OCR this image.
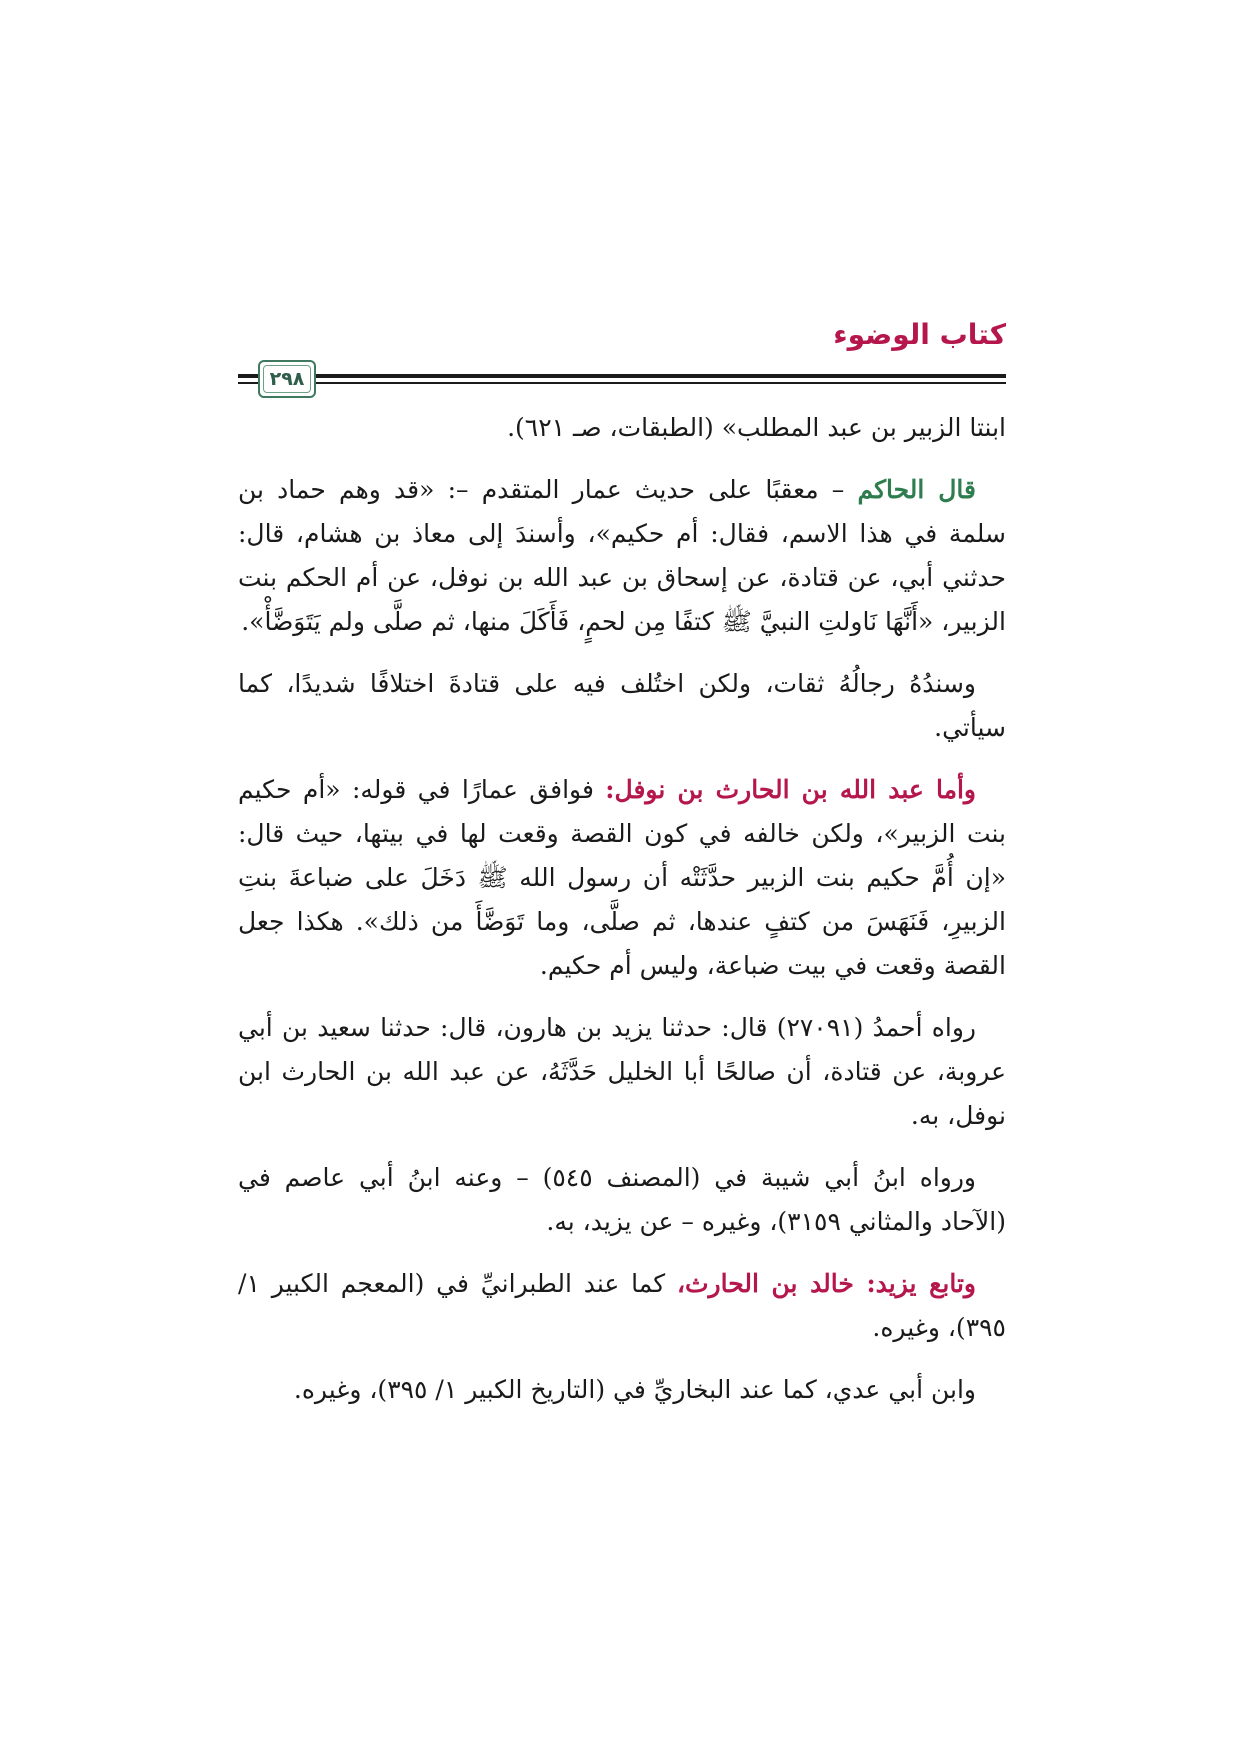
كتاب الوضوء
٢٩٨

ابنتا الزبير بن عبد المطلب» (الطبقات، صـ ٦٢١).

قال الحاكم – معقبًا على حديث عمار المتقدم –: «قد وهم حماد بن سلمة في هذا الاسم، فقال: أم حكيم»، وأسندَ إلى معاذ بن هشام، قال: حدثني أبي، عن قتادة، عن إسحاق بن عبد الله بن نوفل، عن أم الحكم بنت الزبير، «أَنَّهَا نَاولتِ النبيَّ ﷺ كتفًا مِن لحمٍ، فَأَكَلَ منها، ثم صلَّى ولم يَتَوَضَّأْ».

وسندُهُ رجالُهُ ثقات، ولكن اختُلف فيه على قتادةَ اختلافًا شديدًا، كما سيأتي.

وأما عبد الله بن الحارث بن نوفل: فوافق عمارًا في قوله: «أم حكيم بنت الزبير»، ولكن خالفه في كون القصة وقعت لها في بيتها، حيث قال: «إن أُمَّ حكيم بنت الزبير حدَّثَتْه أن رسول الله ﷺ دَخَلَ على ضباعةَ بنتِ الزبيرِ، فَنَهَسَ من كتفٍ عندها، ثم صلَّى، وما تَوَضَّأَ من ذلك». هكذا جعل القصة وقعت في بيت ضباعة، وليس أم حكيم.

رواه أحمدُ (٢٧٠٩١) قال: حدثنا يزيد بن هارون، قال: حدثنا سعيد بن أبي عروبة، عن قتادة، أن صالحًا أبا الخليل حَدَّثَهُ، عن عبد الله بن الحارث ابن نوفل، به.

ورواه ابنُ أبي شيبة في (المصنف ٥٤٥) – وعنه ابنُ أبي عاصم في (الآحاد والمثاني ٣١٥٩)، وغيره – عن يزيد، به.

وتابع يزيد: خالد بن الحارث، كما عند الطبرانيِّ في (المعجم الكبير ١/ ٣٩٥)، وغيره.

وابن أبي عدي، كما عند البخاريِّ في (التاريخ الكبير ١/ ٣٩٥)، وغيره.
